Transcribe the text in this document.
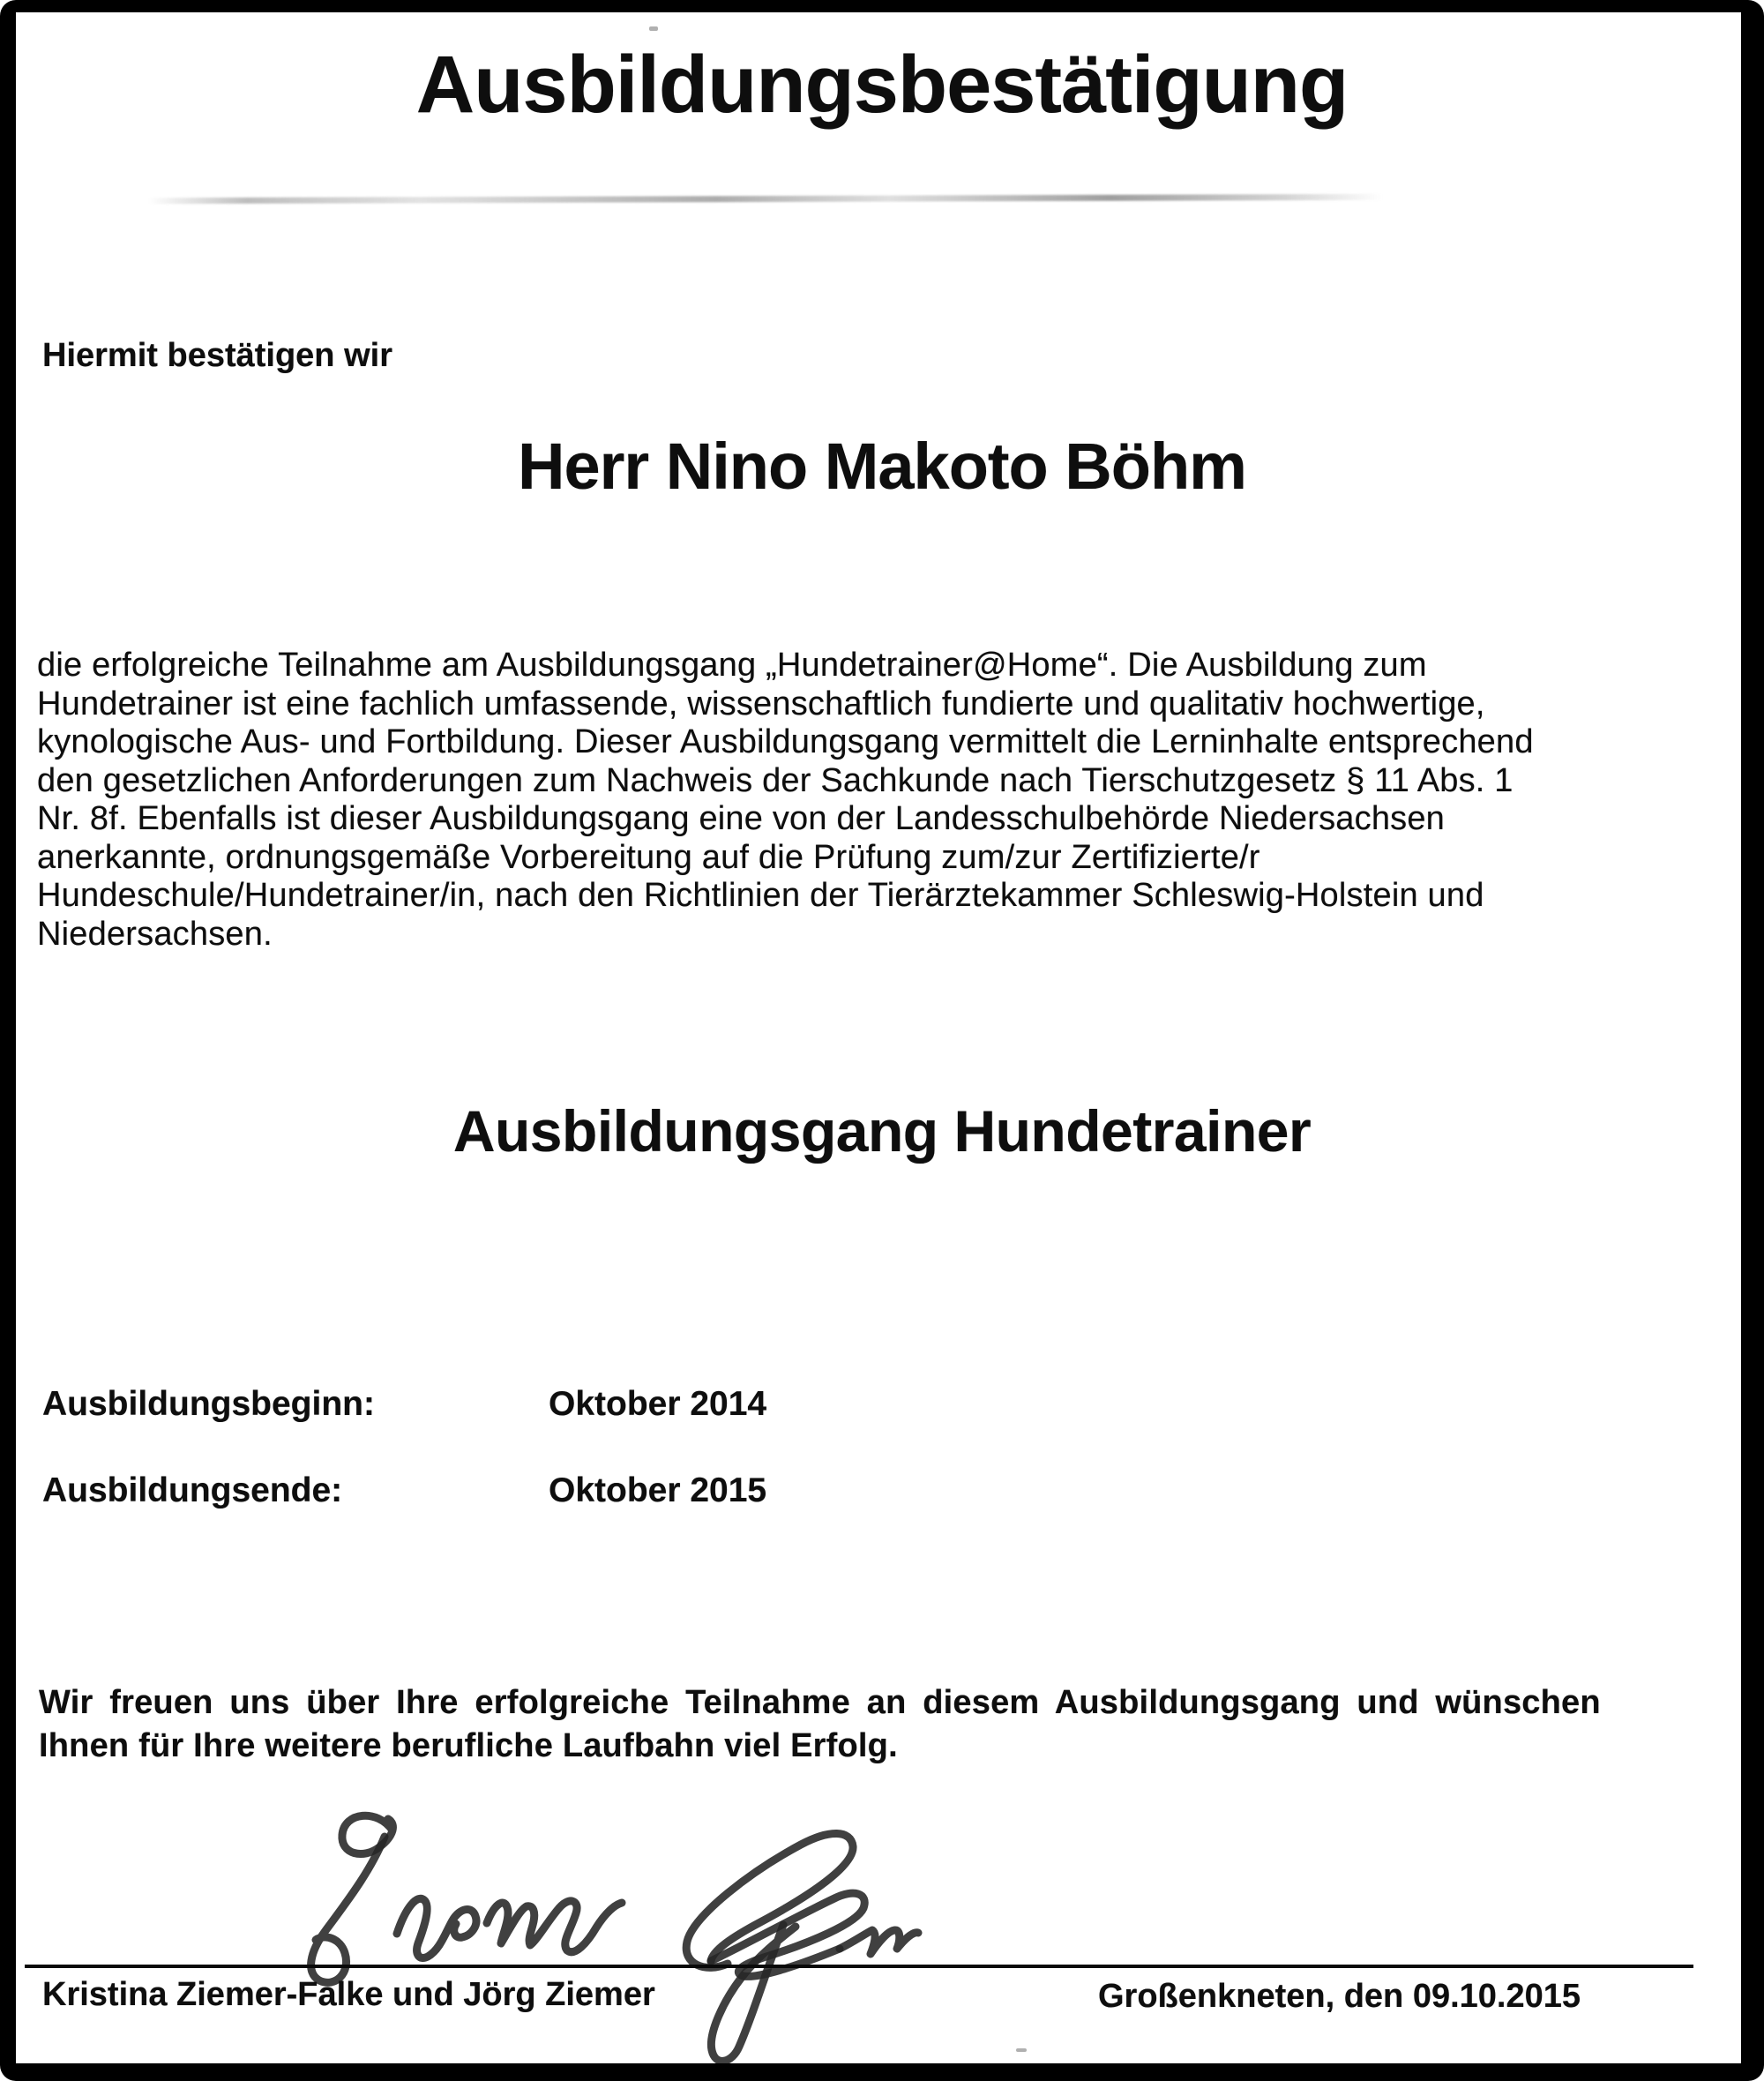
Ausbildungsbestätigung
Hiermit bestätigen wir
Herr Nino Makoto Böhm
die erfolgreiche Teilnahme am Ausbildungsgang „Hundetrainer@Home“. Die Ausbildung zum
Hundetrainer ist eine fachlich umfassende, wissenschaftlich fundierte und qualitativ hochwertige,
kynologische Aus- und Fortbildung. Dieser Ausbildungsgang vermittelt die Lerninhalte entsprechend
den gesetzlichen Anforderungen zum Nachweis der Sachkunde nach Tierschutzgesetz § 11 Abs. 1
Nr. 8f. Ebenfalls ist dieser Ausbildungsgang eine von der Landesschulbehörde Niedersachsen
anerkannte, ordnungsgemäße Vorbereitung auf die Prüfung zum/zur Zertifizierte/r
Hundeschule/Hundetrainer/in, nach den Richtlinien der Tierärztekammer Schleswig-Holstein und
Niedersachsen.
Ausbildungsgang Hundetrainer
Ausbildungsbeginn:	Oktober 2014
Ausbildungsende:	Oktober 2015
Wir freuen uns über Ihre erfolgreiche Teilnahme an diesem Ausbildungsgang und wünschen
Ihnen für Ihre weitere berufliche Laufbahn viel Erfolg.
Kristina Ziemer-Falke und Jörg Ziemer	Großenkneten, den 09.10.2015
